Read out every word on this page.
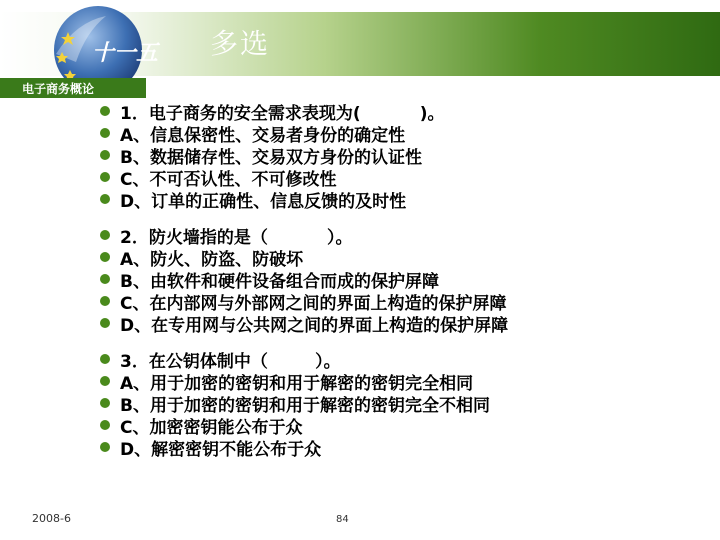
十一五 多选
电子商务概论
1．电子商务的安全需求表现为(          )。
A、信息保密性、交易者身份的确定性
B、数据储存性、交易双方身份的认证性
C、不可否认性、不可修改性
D、订单的正确性、信息反馈的及时性
2．防火墙指的是（          ）。
A、防火、防盗、防破坏
B、由软件和硬件设备组合而成的保护屏障
C、在内部网与外部网之间的界面上构造的保护屏障
D、在专用网与公共网之间的界面上构造的保护屏障
3．在公钥体制中（        ）。
A、用于加密的密钥和用于解密的密钥完全相同
B、用于加密的密钥和用于解密的密钥完全不相同
C、加密密钥能公布于众
D、解密密钥不能公布于众
2008-6	84
